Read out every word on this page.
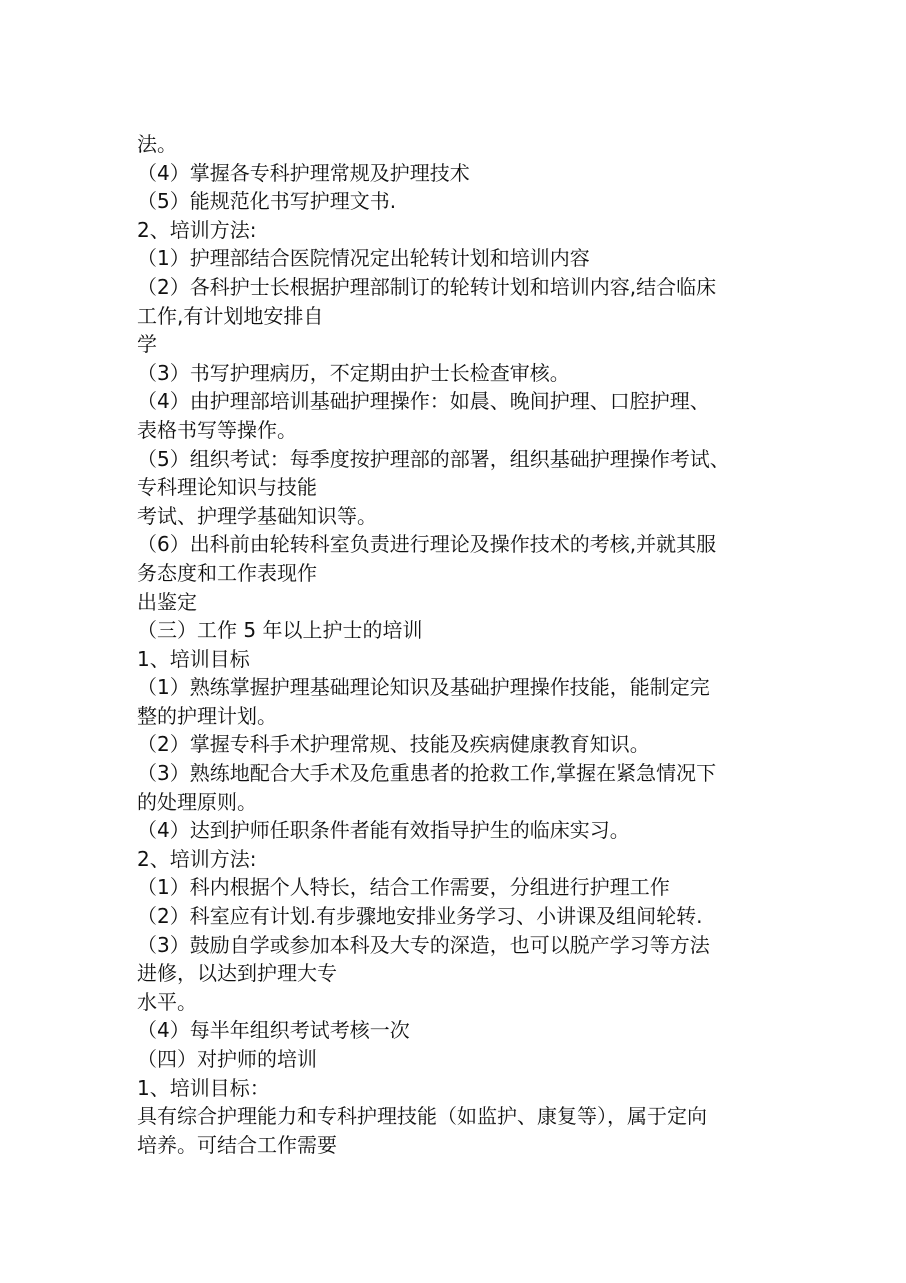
法。
（4）掌握各专科护理常规及护理技术
（5）能规范化书写护理文书.
2、培训方法:
（1）护理部结合医院情况定出轮转计划和培训内容
（2）各科护士长根据护理部制订的轮转计划和培训内容,结合临床
工作,有计划地安排自
学
（3）书写护理病历，不定期由护士长检查审核。
（4）由护理部培训基础护理操作：如晨、晚间护理、口腔护理、
表格书写等操作。
（5）组织考试：每季度按护理部的部署，组织基础护理操作考试、
专科理论知识与技能
考试、护理学基础知识等。
（6）出科前由轮转科室负责进行理论及操作技术的考核,并就其服
务态度和工作表现作
出鉴定
（三）工作 5 年以上护士的培训
1、培训目标
（1）熟练掌握护理基础理论知识及基础护理操作技能，能制定完
整的护理计划。
（2）掌握专科手术护理常规、技能及疾病健康教育知识。
（3）熟练地配合大手术及危重患者的抢救工作,掌握在紧急情况下
的处理原则。
（4）达到护师任职条件者能有效指导护生的临床实习。
2、培训方法:
（1）科内根据个人特长，结合工作需要，分组进行护理工作
（2）科室应有计划.有步骤地安排业务学习、小讲课及组间轮转.
（3）鼓励自学或参加本科及大专的深造，也可以脱产学习等方法
进修，以达到护理大专
水平。
（4）每半年组织考试考核一次
（四）对护师的培训
1、培训目标：
具有综合护理能力和专科护理技能（如监护、康复等），属于定向
培养。可结合工作需要
